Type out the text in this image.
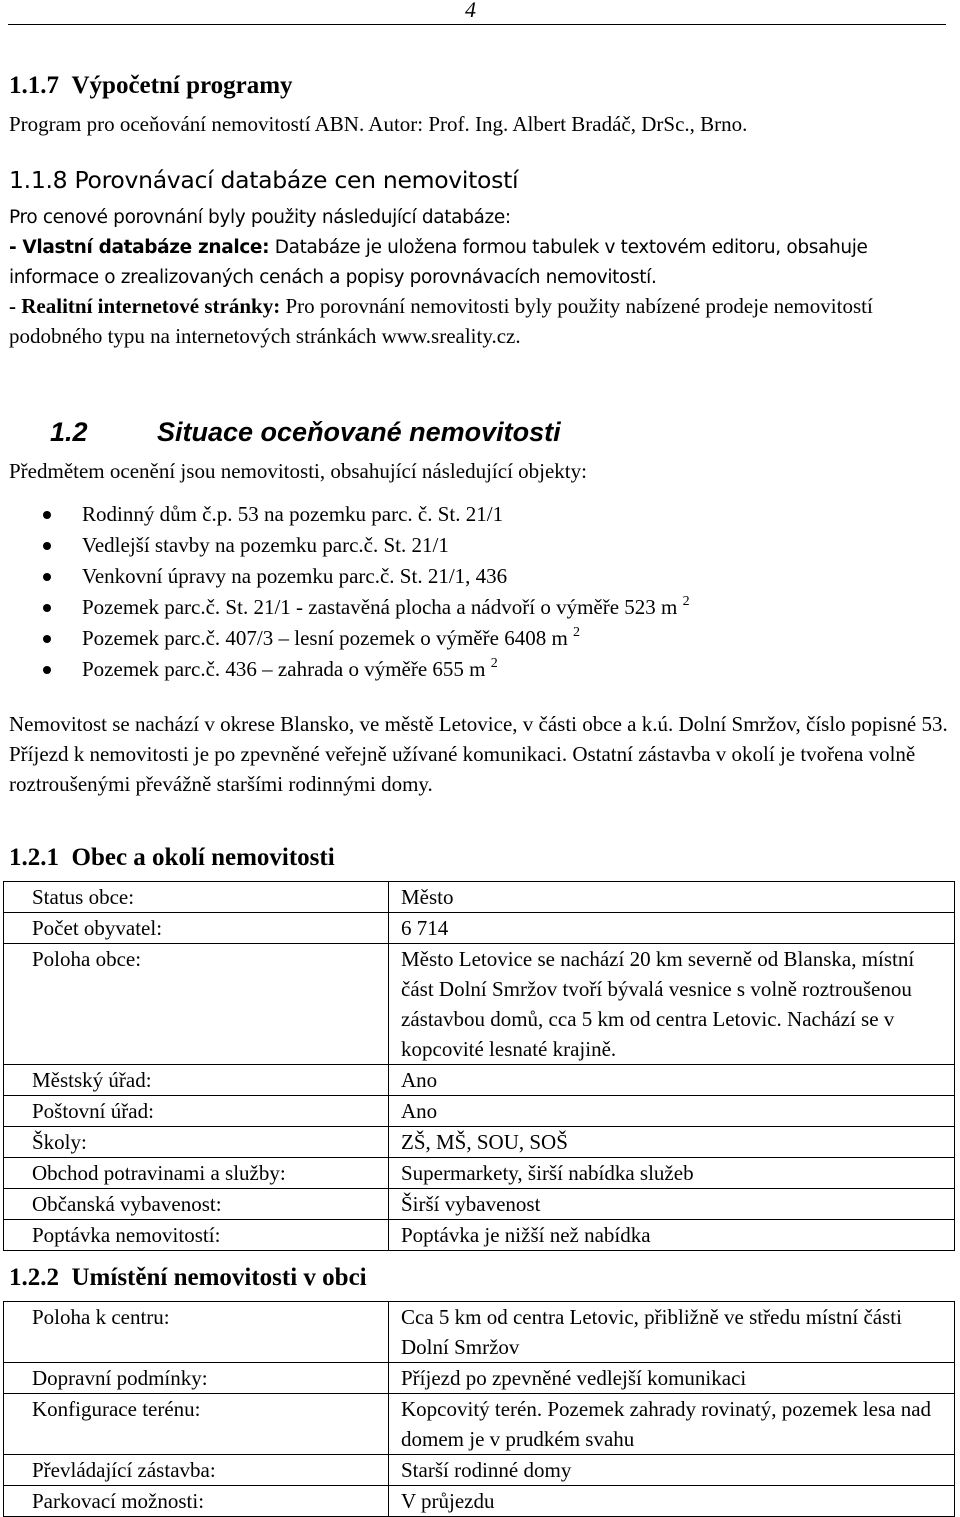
4
1.1.7 Výpočetní programy

Program pro oceňování nemovitostí ABN. Autor: Prof. Ing. Albert Bradáč, DrSc., Brno.

1.1.8 Porovnávací databáze cen nemovitostí

Pro cenové porovnání byly použity následující databáze:

- Vlastní databáze znalce: Databáze je uložena formou tabulek v textovém editoru, obsahuje informace o zrealizovaných cenách a popisy porovnávacích nemovitostí.

- Realitní internetové stránky: Pro porovnání nemovitosti byly použity nabízené prodeje nemovitostí podobného typu na internetových stránkách www.sreality.cz.

1.2	Situace oceňované nemovitosti

Předmětem ocenění jsou nemovitosti, obsahující následující objekty:

Rodinný dům č.p. 53 na pozemku parc. č. St. 21/1
Vedlejší stavby na pozemku parc.č. St. 21/1
Venkovní úpravy na pozemku parc.č. St. 21/1, 436
Pozemek parc.č. St. 21/1 - zastavěná plocha a nádvoří o výměře 523 m $^2$
Pozemek parc.č. 407/3 – lesní pozemek o výměře 6408 m $^2$
Pozemek parc.č. 436 – zahrada o výměře 655 m $^2$

Nemovitost se nachází v okrese Blansko, ve městě Letovice, v části obce a k.ú. Dolní Smržov, číslo popisné 53. Příjezd k nemovitosti je po zpevněné veřejně užívané komunikaci. Ostatní zástavba v okolí je tvořena volně roztroušenými převážně staršími rodinnými domy.

1.2.1 Obec a okolí nemovitosti
Status obce:	Město
Počet obyvatel:	6 714
Poloha obce:	Město Letovice se nachází 20 km severně od Blanska, místní část Dolní Smržov tvoří bývalá vesnice s volně roztroušenou zástavbou domů, cca 5 km od centra Letovic. Nachází se v kopcovité lesnaté krajině.
Městský úřad:	Ano
Poštovní úřad:	Ano
Školy:	ZŠ, MŠ, SOU, SOŠ
Obchod potravinami a služby:	Supermarkety, širší nabídka služeb
Občanská vybavenost:	Širší vybavenost
Poptávka nemovitostí:	Poptávka je nižší než nabídka
1.2.2 Umístění nemovitosti v obci
Poloha k centru:	Cca 5 km od centra Letovic, přibližně ve středu místní části Dolní Smržov
Dopravní podmínky:	Příjezd po zpevněné vedlejší komunikaci
Konfigurace terénu:	Kopcovitý terén. Pozemek zahrady rovinatý, pozemek lesa nad domem je v prudkém svahu
Převládající zástavba:	Starší rodinné domy
Parkovací možnosti:	V průjezdu
